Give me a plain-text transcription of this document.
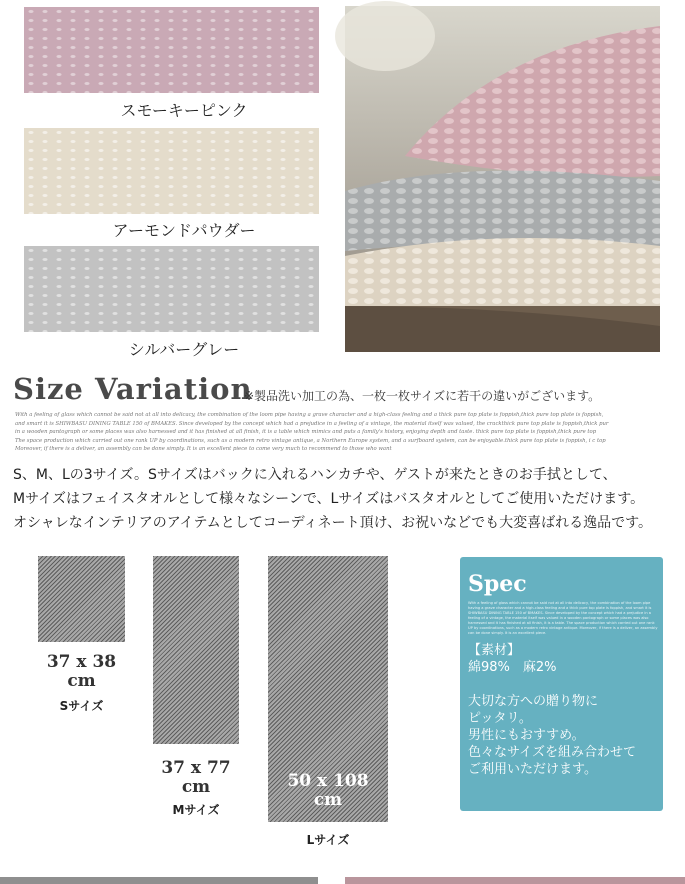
スモーキーピンク
アーモンドパウダー
シルバーグレー
Size Variation
※製品洗い加工の為、一枚一枚サイズに若干の違いがございます。
With a feeling of glass which cannot be said not at all into delicacy, the combination of the loom pipe having a grave character and a high-class feeling and a thick pure top plate is foppish,thick pure top plate is foppish,
and smart it is SHIWBASU DINING TABLE 150 of BMAKES. Since developed by the concept which had a prejudice in a feeling of a vintage, the material itself was valued, the crackthick pure top plate is foppish,thick pur
in a wooden pantograph or some places was also harnessed and it has finished at all finish, it is a table which mimics and puts a family's history, enjoying depth and taste. thick pure top plate is foppish,thick pure top
The space production which carried out one rank UP by coordinations, such as a modern retro vintage antique, a Northern Europe system, and a surfboard system, can be enjoyable.thick pure top plate is foppish, i c top
Moreover, if there is a deliver, an assembly can be done simply. It is an excellent piece to come very much to recommend to those who want
S、M、Lの3サイズ。Sサイズはバックに入れるハンカチや、ゲストが来たときのお手拭として、
Mサイズはフェイスタオルとして様々なシーンで、Lサイズはバスタオルとしてご使用いただけます。
オシャレなインテリアのアイテムとしてコーディネート頂け、お祝いなどでも大変喜ばれる逸品です。
37 x 38
cm
Sサイズ
37 x 77
cm
Mサイズ
50 x 108
cm
Lサイズ
Spec
With a feeling of glass which cannot be said not at all into delicacy, the combination of the loom pipe having a grave character and a high-class feeling and a thick pure top plate is foppish, and smart it is SHIWBASU DINING TABLE 150 of BMAKES. Since developed by the concept which had a prejudice in a feeling of a vintage, the material itself was valued in a wooden pantograph or some places was also harnessed and it has finished at all finish, it is a table. The space production which carried out one rank UP by coordinations, such as a modern retro vintage antique. Moreover, if there is a deliver, an assembly can be done simply. It is an excellent piece.
【素材】
綿98%　麻2%
大切な方への贈り物に
ピッタリ。
男性にもおすすめ。
色々なサイズを組み合わせて
ご利用いただけます。
